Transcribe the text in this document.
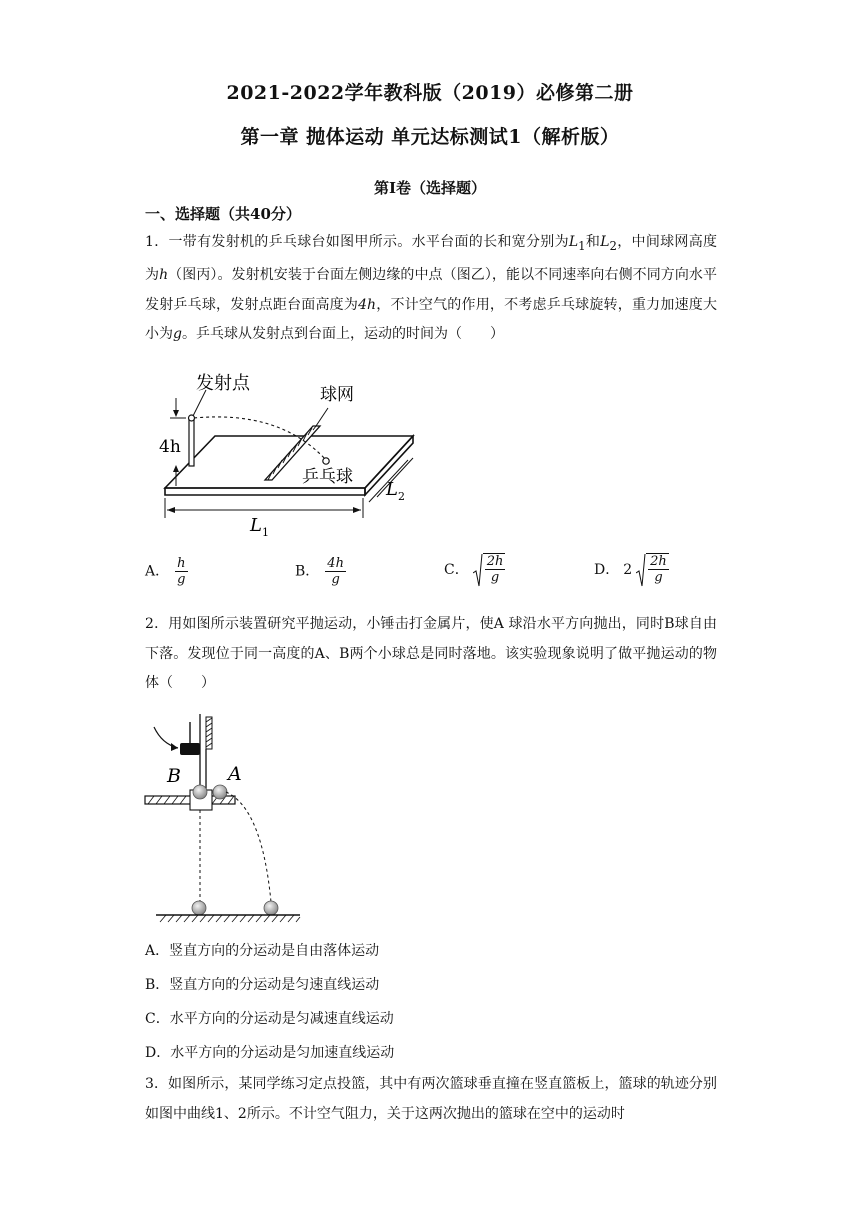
2021-2022学年教科版（2019）必修第二册
第一章 抛体运动 单元达标测试1（解析版）
第I卷（选择题）
一、选择题（共40分）
1．一带有发射机的乒乓球台如图甲所示。水平台面的长和宽分别为$L_1$和$L_2$，中间球网高度为h（图丙）。发射机安装于台面左侧边缘的中点（图乙），能以不同速率向右侧不同方向水平发射乒乓球，发射点距台面高度为4h，不计空气的作用，不考虑乒乓球旋转，重力加速度大小为g。乒乓球从发射点到台面上，运动的时间为（　　）
发射点
球网
乒乓球
4h
L 1
L 2
A． $\frac{h}{g}$	B． $\frac{4h}{g}$	C． $\frac{2h}{g}$	D． $2 \frac{2h}{g}$
2．用如图所示装置研究平抛运动，小锤击打金属片，使A 球沿水平方向抛出，同时B球自由下落。发现位于同一高度的A、B两个小球总是同时落地。该实验现象说明了做平抛运动的物体（　　）
B A
A．竖直方向的分运动是自由落体运动
B．竖直方向的分运动是匀速直线运动
C．水平方向的分运动是匀减速直线运动
D．水平方向的分运动是匀加速直线运动
3．如图所示，某同学练习定点投篮，其中有两次篮球垂直撞在竖直篮板上，篮球的轨迹分别如图中曲线1、2所示。不计空气阻力，关于这两次抛出的篮球在空中的运动时
